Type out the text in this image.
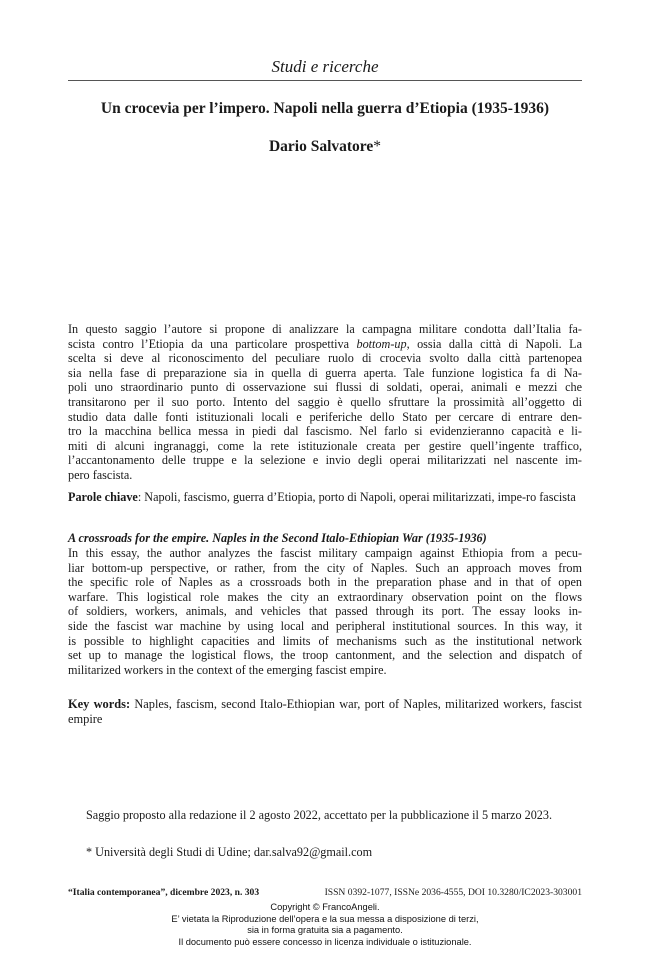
Studi e ricerche
Un crocevia per l’impero. Napoli nella guerra d’Etiopia (1935-1936)
Dario Salvatore*
In questo saggio l’autore si propone di analizzare la campagna militare condotta dall’Italia fa-
scista contro l’Etiopia da una particolare prospettiva bottom-up, ossia dalla città di Napoli. La
scelta si deve al riconoscimento del peculiare ruolo di crocevia svolto dalla città partenopea
sia nella fase di preparazione sia in quella di guerra aperta. Tale funzione logistica fa di Na-
poli uno straordinario punto di osservazione sui flussi di soldati, operai, animali e mezzi che
transitarono per il suo porto. Intento del saggio è quello sfruttare la prossimità all’oggetto di
studio data dalle fonti istituzionali locali e periferiche dello Stato per cercare di entrare den-
tro la macchina bellica messa in piedi dal fascismo. Nel farlo si evidenzieranno capacità e li-
miti di alcuni ingranaggi, come la rete istituzionale creata per gestire quell’ingente traffico,
l’accantonamento delle truppe e la selezione e invio degli operai militarizzati nel nascente im-
pero fascista.
Parole chiave: Napoli, fascismo, guerra d’Etiopia, porto di Napoli, operai militarizzati, impe-ro fascista
A crossroads for the empire. Naples in the Second Italo-Ethiopian War (1935-1936)
In this essay, the author analyzes the fascist military campaign against Ethiopia from a pecu-
liar bottom-up perspective, or rather, from the city of Naples. Such an approach moves from
the specific role of Naples as a crossroads both in the preparation phase and in that of open
warfare. This logistical role makes the city an extraordinary observation point on the flows
of soldiers, workers, animals, and vehicles that passed through its port. The essay looks in-
side the fascist war machine by using local and peripheral institutional sources. In this way, it
is possible to highlight capacities and limits of mechanisms such as the institutional network
set up to manage the logistical flows, the troop cantonment, and the selection and dispatch of
militarized workers in the context of the emerging fascist empire.
Key words: Naples, fascism, second Italo-Ethiopian war, port of Naples, militarized workers, fascist empire
Saggio proposto alla redazione il 2 agosto 2022, accettato per la pubblicazione il 5 marzo 2023.
* Università degli Studi di Udine; dar.salva92@gmail.com
“Italia contemporanea”, dicembre 2023, n. 303	ISSN 0392-1077, ISSNe 2036-4555, DOI 10.3280/IC2023-303001
Copyright © FrancoAngeli.
E’ vietata la Riproduzione dell’opera e la sua messa a disposizione di terzi,
sia in forma gratuita sia a pagamento.
Il documento può essere concesso in licenza individuale o istituzionale.
